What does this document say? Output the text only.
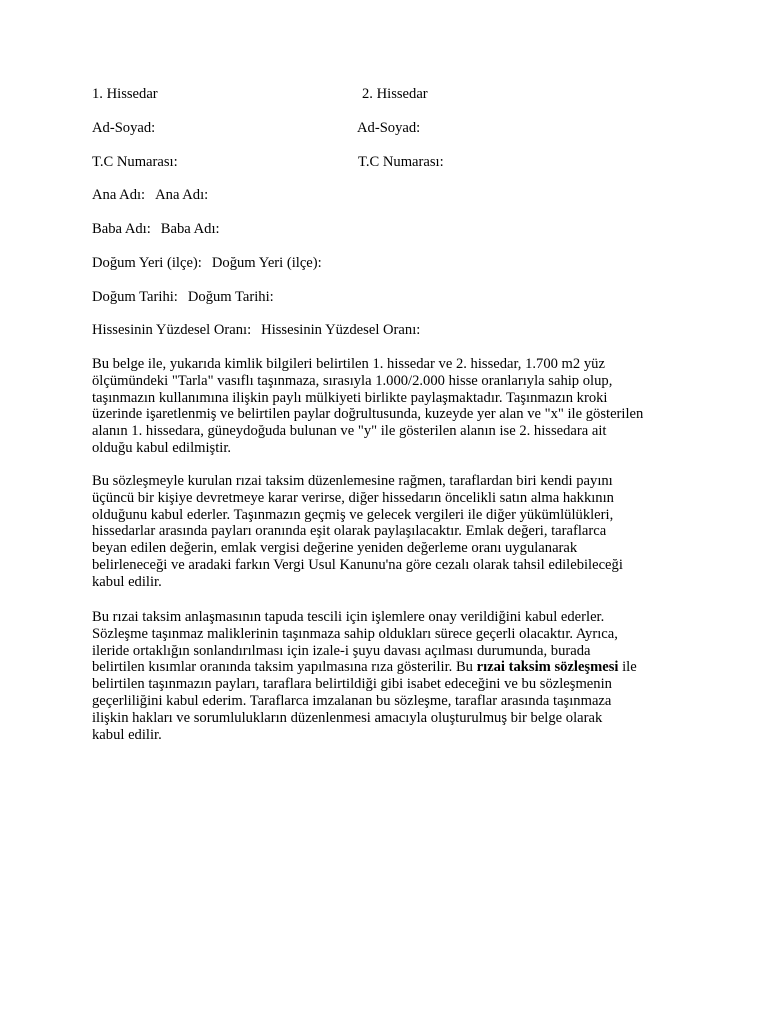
1. Hissedar	2. Hissedar
Ad-Soyad:	Ad-Soyad:
T.C Numarası:	T.C Numarası:
Ana Adı: Ana Adı:
Baba Adı: Baba Adı:
Doğum Yeri (ilçe): Doğum Yeri (ilçe):
Doğum Tarihi: Doğum Tarihi:
Hissesinin Yüzdesel Oranı: Hissesinin Yüzdesel Oranı:
Bu belge ile, yukarıda kimlik bilgileri belirtilen 1. hissedar ve 2. hissedar, 1.700 m2 yüz
ölçümündeki "Tarla" vasıflı taşınmaza, sırasıyla 1.000/2.000 hisse oranlarıyla sahip olup,
taşınmazın kullanımına ilişkin paylı mülkiyeti birlikte paylaşmaktadır. Taşınmazın kroki
üzerinde işaretlenmiş ve belirtilen paylar doğrultusunda, kuzeyde yer alan ve "x" ile gösterilen
alanın 1. hissedara, güneydoğuda bulunan ve "y" ile gösterilen alanın ise 2. hissedara ait
olduğu kabul edilmiştir.
Bu sözleşmeyle kurulan rızai taksim düzenlemesine rağmen, taraflardan biri kendi payını
üçüncü bir kişiye devretmeye karar verirse, diğer hissedarın öncelikli satın alma hakkının
olduğunu kabul ederler. Taşınmazın geçmiş ve gelecek vergileri ile diğer yükümlülükleri,
hissedarlar arasında payları oranında eşit olarak paylaşılacaktır. Emlak değeri, taraflarca
beyan edilen değerin, emlak vergisi değerine yeniden değerleme oranı uygulanarak
belirleneceği ve aradaki farkın Vergi Usul Kanunu'na göre cezalı olarak tahsil edilebileceği
kabul edilir.
Bu rızai taksim anlaşmasının tapuda tescili için işlemlere onay verildiğini kabul ederler.
Sözleşme taşınmaz maliklerinin taşınmaza sahip oldukları sürece geçerli olacaktır. Ayrıca,
ileride ortaklığın sonlandırılması için izale-i şuyu davası açılması durumunda, burada
belirtilen kısımlar oranında taksim yapılmasına rıza gösterilir. Bu rızai taksim sözleşmesi ile
belirtilen taşınmazın payları, taraflara belirtildiği gibi isabet edeceğini ve bu sözleşmenin
geçerliliğini kabul ederim. Taraflarca imzalanan bu sözleşme, taraflar arasında taşınmaza
ilişkin hakları ve sorumlulukların düzenlenmesi amacıyla oluşturulmuş bir belge olarak
kabul edilir.
